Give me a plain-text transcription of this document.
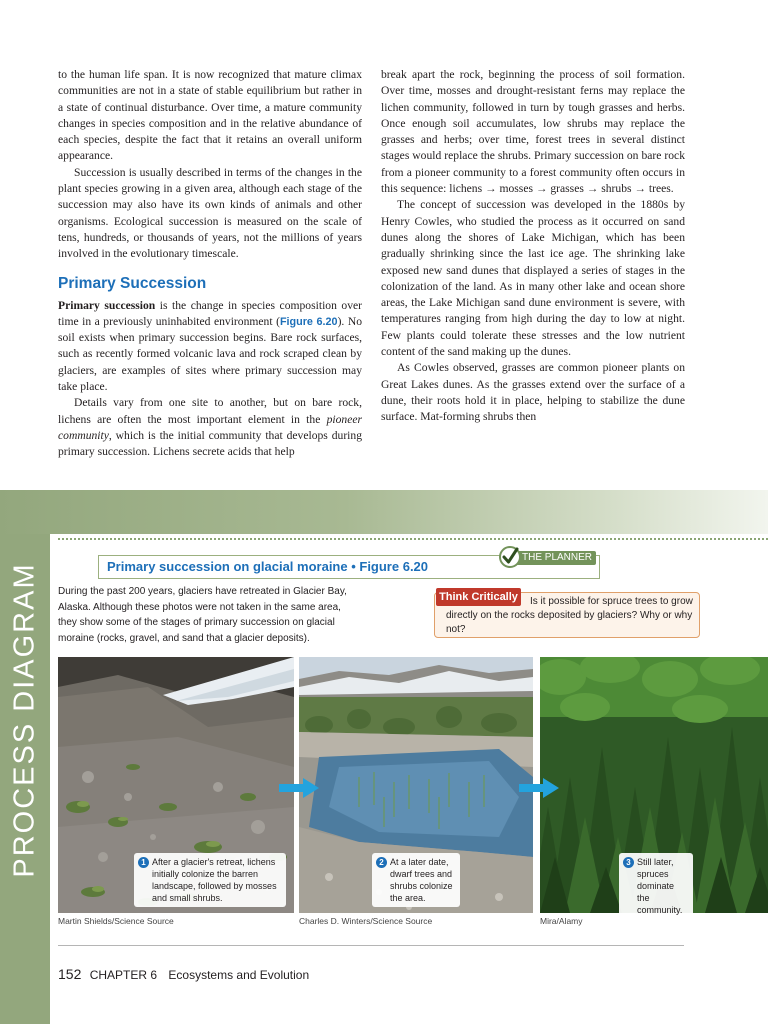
to the human life span. It is now recognized that mature climax communities are not in a state of stable equilibrium but rather in a state of continual disturbance. Over time, a mature community changes in species composition and in the relative abundance of each species, despite the fact that it retains an overall uniform appearance.

Succession is usually described in terms of the changes in the plant species growing in a given area, although each stage of the succession may also have its own kinds of animals and other organisms. Ecological succession is measured on the scale of tens, hundreds, or thousands of years, not the millions of years involved in the evolutionary timescale.

Primary Succession

Primary succession is the change in species composition over time in a previously uninhabited environment (Figure 6.20). No soil exists when primary succession begins. Bare rock surfaces, such as recently formed volcanic lava and rock scraped clean by glaciers, are examples of sites where primary succession may take place.

Details vary from one site to another, but on bare rock, lichens are often the most important element in the pioneer community, which is the initial community that develops during primary succession. Lichens secrete acids that help

break apart the rock, beginning the process of soil formation. Over time, mosses and drought-resistant ferns may replace the lichen community, followed in turn by tough grasses and herbs. Once enough soil accumulates, low shrubs may replace the grasses and herbs; over time, forest trees in several distinct stages would replace the shrubs. Primary succession on bare rock from a pioneer community to a forest community often occurs in this sequence: lichens → mosses → grasses → shrubs → trees.

The concept of succession was developed in the 1880s by Henry Cowles, who studied the process as it occurred on sand dunes along the shores of Lake Michigan, which has been gradually shrinking since the last ice age. The shrinking lake exposed new sand dunes that displayed a series of stages in the colonization of the land. As in many other lake and ocean shore areas, the Lake Michigan sand dune environment is severe, with temperatures ranging from high during the day to low at night. Few plants could tolerate these stresses and the low nutrient content of the sand making up the dunes.

As Cowles observed, grasses are common pioneer plants on Great Lakes dunes. As the grasses extend over the surface of a dune, their roots hold it in place, helping to stabilize the dune surface. Mat-forming shrubs then

PROCESS DIAGRAM	Primary succession on glacial moraine • Figure 6.20
THE PLANNER
During the past 200 years, glaciers have retreated in Glacier Bay, Alaska. Although these photos were not taken in the same area, they show some of the stages of primary succession on glacial moraine (rocks, gravel, and sand that a glacier deposits).
Is it possible for spruce trees to grow directly on the rocks deposited by glaciers? Why or why not?
Think Critically
1 After a glacier's retreat, lichens initially colonize the barren landscape, followed by mosses and small shrubs.
2 At a later date, dwarf trees and shrubs colonize the area.
3 Still later, spruces dominate the community.
Martin Shields/Science Source	Charles D. Winters/Science Source	Mira/Alamy
152 CHAPTER 6 Ecosystems and Evolution
